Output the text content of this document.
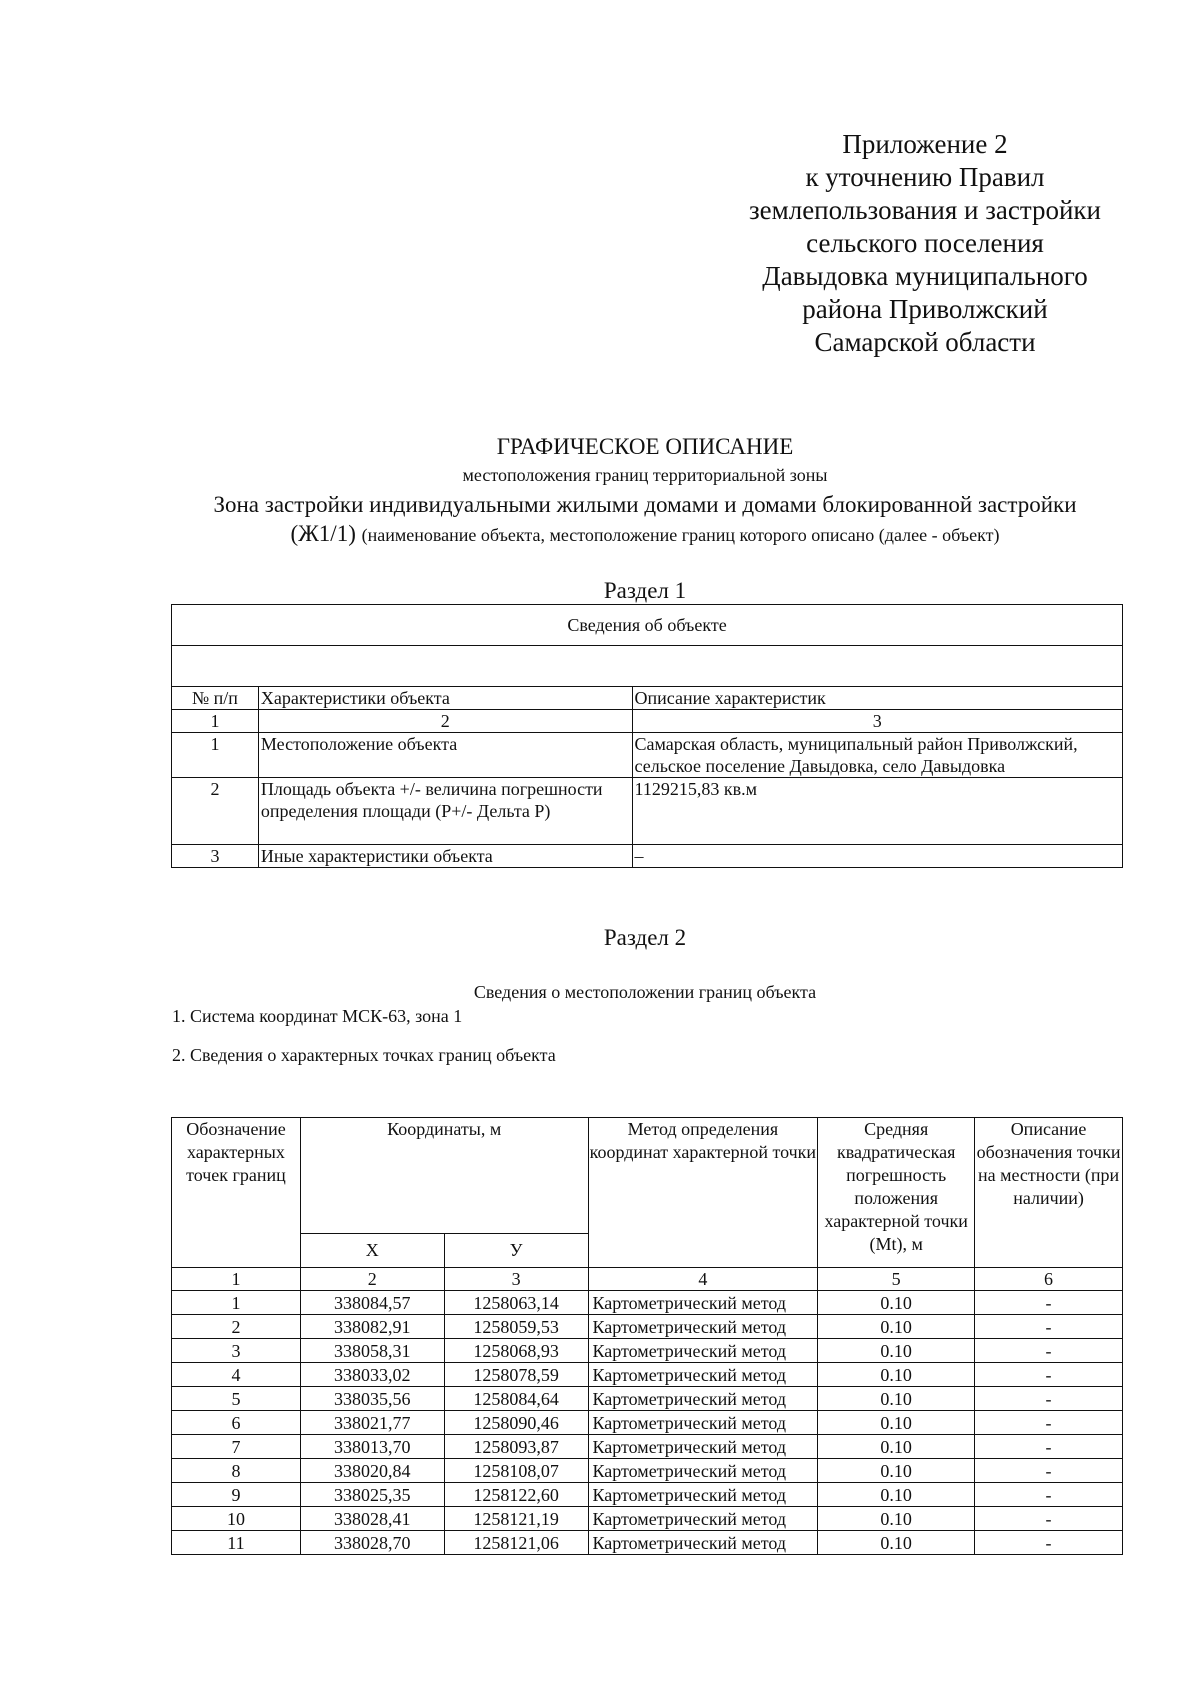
Приложение 2
к уточнению Правил
землепользования и застройки
сельского поселения
Давыдовка муниципального
района Приволжский
Самарской области
ГРАФИЧЕСКОЕ ОПИСАНИЕ
местоположения границ территориальной зоны
Зона застройки индивидуальными жилыми домами и домами блокированной застройки
(Ж1/1) (наименование объекта, местоположение границ которого описано (далее - объект)
Раздел 1
Сведения об объекте		

№ п/п	Характеристики объекта	Описание характеристик
1	2	3
1	Местоположение объекта	Самарская область, муниципальный район Приволжский, сельское поселение Давыдовка, село Давыдовка
2	Площадь объекта +/- величина погрешности определения площади (Р+/- Дельта Р)	1129215,83 кв.м
3	Иные характеристики объекта	–
Раздел 2
Сведения о местоположении границ объекта
1. Система координат МСК-63, зона 1
2. Сведения о характерных точках границ объекта
Обозначение характерных точек границ	Координаты, м		Метод определения координат характерной точки	Средняя квадратическая погрешность положения характерной точки (Мt), м	Описание обозначения точки на местности (при наличии)
	Х	У			
1	2	3	4	5	6
1	338084,57	1258063,14	Картометрический метод	0.10	-
2	338082,91	1258059,53	Картометрический метод	0.10	-
3	338058,31	1258068,93	Картометрический метод	0.10	-
4	338033,02	1258078,59	Картометрический метод	0.10	-
5	338035,56	1258084,64	Картометрический метод	0.10	-
6	338021,77	1258090,46	Картометрический метод	0.10	-
7	338013,70	1258093,87	Картометрический метод	0.10	-
8	338020,84	1258108,07	Картометрический метод	0.10	-
9	338025,35	1258122,60	Картометрический метод	0.10	-
10	338028,41	1258121,19	Картометрический метод	0.10	-
11	338028,70	1258121,06	Картометрический метод	0.10	-
